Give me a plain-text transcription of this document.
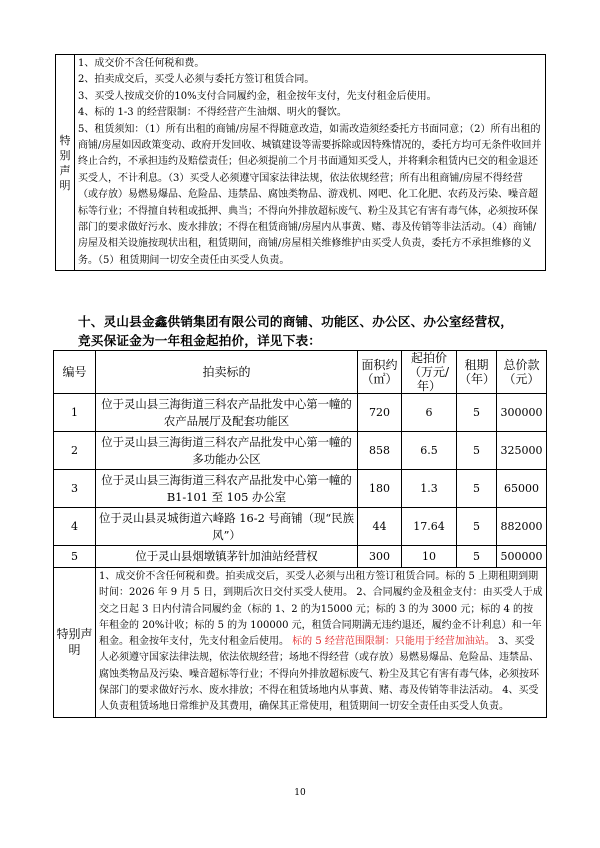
特别声明	
1、成交价不含任何税和费。
2、拍卖成交后，买受人必须与委托方签订租赁合同。
3、买受人按成交价的10%支付合同履约金，租金按年支付，先支付租金后使用。
4、标的 1-3 的经营限制：不得经营产生油烟、明火的餐饮。
5、租赁须知：（1）所有出租的商铺/房屋不得随意改造，如需改造须经委托方书面同意；（2）所有出租的商铺/房屋如因政策变动、政府开发回收、城镇建设等需要拆除或因特殊情况的，委托方均可无条件收回并终止合约，不承担违约及赔偿责任；但必须提前二个月书面通知买受人，并将剩余租赁内已交的租金退还买受人，不计利息。（3）买受人必须遵守国家法律法规，依法依规经营；所有出租商铺/房屋不得经营（或存放）易燃易爆品、危险品、违禁品、腐蚀类物品、游戏机、网吧、化工化肥、农药及污染、噪音超标等行业；不得擅自转租或抵押、典当；不得向外排放超标废气、粉尘及其它有害有毒气体，必须按环保部门的要求做好污水、废水排放；不得在租赁商铺/房屋内从事黄、赌、毒及传销等非法活动。（4）商铺/房屋及相关设施按现状出租，租赁期间，商铺/房屋相关维修维护由买受人负责，委托方不承担维修的义务。（5）租赁期间一切安全责任由买受人负责。
十、灵山县金鑫供销集团有限公司的商铺、功能区、办公区、办公室经营权，
竞买保证金为一年租金起拍价，详见下表：
编号	拍卖标的	面积约（㎡）	起拍价（万元/年）	租期（年）	总价款（元）
1	位于灵山县三海街道三科农产品批发中心第一幢的农产品展厅及配套功能区	720	6	5	300000
2	位于灵山县三海街道三科农产品批发中心第一幢的多功能办公区	858	6.5	5	325000
3	位于灵山县三海街道三科农产品批发中心第一幢的 B1-101 至 105 办公室	180	1.3	5	65000
4	位于灵山县灵城街道六峰路 16-2 号商铺（现“民族风”）	44	17.64	5	882000
5	位于灵山县烟墩镇茅针加油站经营权	300	10	5	500000
特别声明	1、成交价不含任何税和费。拍卖成交后，买受人必须与出租方签订租赁合同。标的 5 上期租期到期时间：2026 年 9 月 5 日，到期后次日交付买受人使用。 2、合同履约金及租金支付：由买受人于成交之日起 3 日内付清合同履约金（标的 1、2 的为15000 元；标的 3 的为 3000 元；标的 4 的按年租金的 20%计收；标的 5 的为 100000 元，租赁合同期满无违约退还，履约金不计利息）和一年租金。租金按年支付，先支付租金后使用。 标的 5 经营范围限制：只能用于经营加油站。 3、买受人必须遵守国家法律法规，依法依规经营；场地不得经营（或存放）易燃易爆品、危险品、违禁品、腐蚀类物品及污染、噪音超标等行业；不得向外排放超标废气、粉尘及其它有害有毒气体，必须按环保部门的要求做好污水、废水排放；不得在租赁场地内从事黄、赌、毒及传销等非法活动。 4、买受人负责租赁场地日常维护及其费用，确保其正常使用，租赁期间一切安全责任由买受人负责。				
10
